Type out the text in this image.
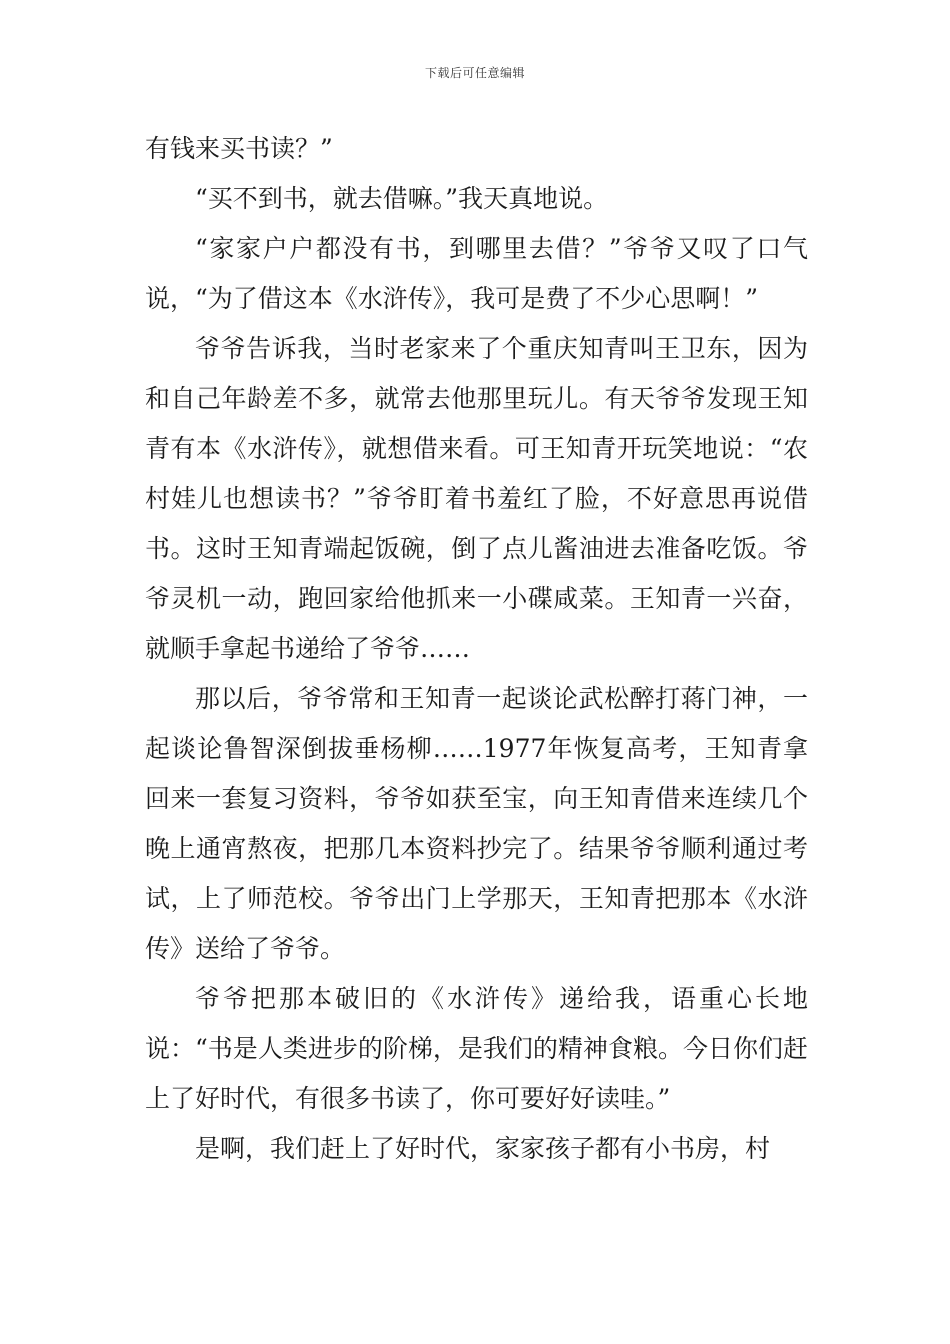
下载后可任意编辑

有钱来买书读？”

“买不到书，就去借嘛。”我天真地说。

“家家户户都没有书，到哪里去借？”爷爷又叹了口气说，“为了借这本《水浒传》，我可是费了不少心思啊！”

爷爷告诉我，当时老家来了个重庆知青叫王卫东，因为和自己年龄差不多，就常去他那里玩儿。有天爷爷发现王知青有本《水浒传》，就想借来看。可王知青开玩笑地说：“农村娃儿也想读书？”爷爷盯着书羞红了脸，不好意思再说借书。这时王知青端起饭碗，倒了点儿酱油进去准备吃饭。爷爷灵机一动，跑回家给他抓来一小碟咸菜。王知青一兴奋，就顺手拿起书递给了爷爷……

那以后，爷爷常和王知青一起谈论武松醉打蒋门神，一起谈论鲁智深倒拔垂杨柳……1977年恢复高考，王知青拿回来一套复习资料，爷爷如获至宝，向王知青借来连续几个晚上通宵熬夜，把那几本资料抄完了。结果爷爷顺利通过考试，上了师范校。爷爷出门上学那天，王知青把那本《水浒传》送给了爷爷。

爷爷把那本破旧的《水浒传》递给我，语重心长地说：“书是人类进步的阶梯，是我们的精神食粮。今日你们赶上了好时代，有很多书读了，你可要好好读哇。”

是啊，我们赶上了好时代，家家孩子都有小书房，村
